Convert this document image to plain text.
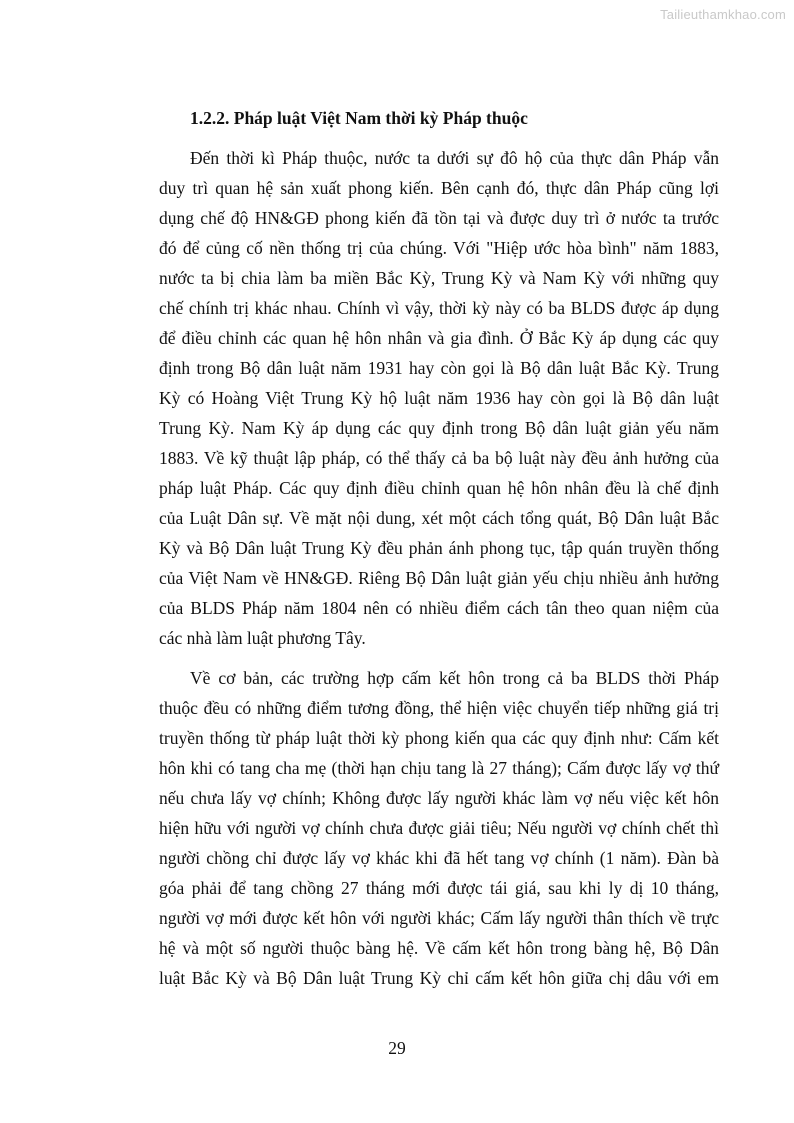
Tailieuthamkhao.com

1.2.2. Pháp luật Việt Nam thời kỳ Pháp thuộc

Đến thời kì Pháp thuộc, nước ta dưới sự đô hộ của thực dân Pháp vẫn
duy trì quan hệ sản xuất phong kiến. Bên cạnh đó, thực dân Pháp cũng lợi
dụng chế độ HN&GĐ phong kiến đã tồn tại và được duy trì ở nước ta trước
đó để củng cố nền thống trị của chúng. Với "Hiệp ước hòa bình" năm 1883,
nước ta bị chia làm ba miền Bắc Kỳ, Trung Kỳ và Nam Kỳ với những quy
chế chính trị khác nhau. Chính vì vậy, thời kỳ này có ba BLDS được áp dụng
để điều chỉnh các quan hệ hôn nhân và gia đình. Ở Bắc Kỳ áp dụng các quy
định trong Bộ dân luật năm 1931 hay còn gọi là Bộ dân luật Bắc Kỳ. Trung
Kỳ có Hoàng Việt Trung Kỳ hộ luật năm 1936 hay còn gọi là Bộ dân luật
Trung Kỳ. Nam Kỳ áp dụng các quy định trong Bộ dân luật giản yếu năm
1883. Về kỹ thuật lập pháp, có thể thấy cả ba bộ luật này đều ảnh hưởng của
pháp luật Pháp. Các quy định điều chỉnh quan hệ hôn nhân đều là chế định
của Luật Dân sự. Về mặt nội dung, xét một cách tổng quát, Bộ Dân luật Bắc
Kỳ và Bộ Dân luật Trung Kỳ đều phản ánh phong tục, tập quán truyền thống
của Việt Nam về HN&GĐ. Riêng Bộ Dân luật giản yếu chịu nhiều ảnh hưởng
của BLDS Pháp năm 1804 nên có nhiều điểm cách tân theo quan niệm của
các nhà làm luật phương Tây.
Về cơ bản, các trường hợp cấm kết hôn trong cả ba BLDS thời Pháp
thuộc đều có những điểm tương đồng, thể hiện việc chuyển tiếp những giá trị
truyền thống từ pháp luật thời kỳ phong kiến qua các quy định như: Cấm kết
hôn khi có tang cha mẹ (thời hạn chịu tang là 27 tháng); Cấm được lấy vợ thứ
nếu chưa lấy vợ chính; Không được lấy người khác làm vợ nếu việc kết hôn
hiện hữu với người vợ chính chưa được giải tiêu; Nếu người vợ chính chết thì
người chồng chỉ được lấy vợ khác khi đã hết tang vợ chính (1 năm). Đàn bà
góa phải để tang chồng 27 tháng mới được tái giá, sau khi ly dị 10 tháng,
người vợ mới được kết hôn với người khác; Cấm lấy người thân thích về trực
hệ và một số người thuộc bàng hệ. Về cấm kết hôn trong bàng hệ, Bộ Dân
luật Bắc Kỳ và Bộ Dân luật Trung Kỳ chỉ cấm kết hôn giữa chị dâu với em
29
